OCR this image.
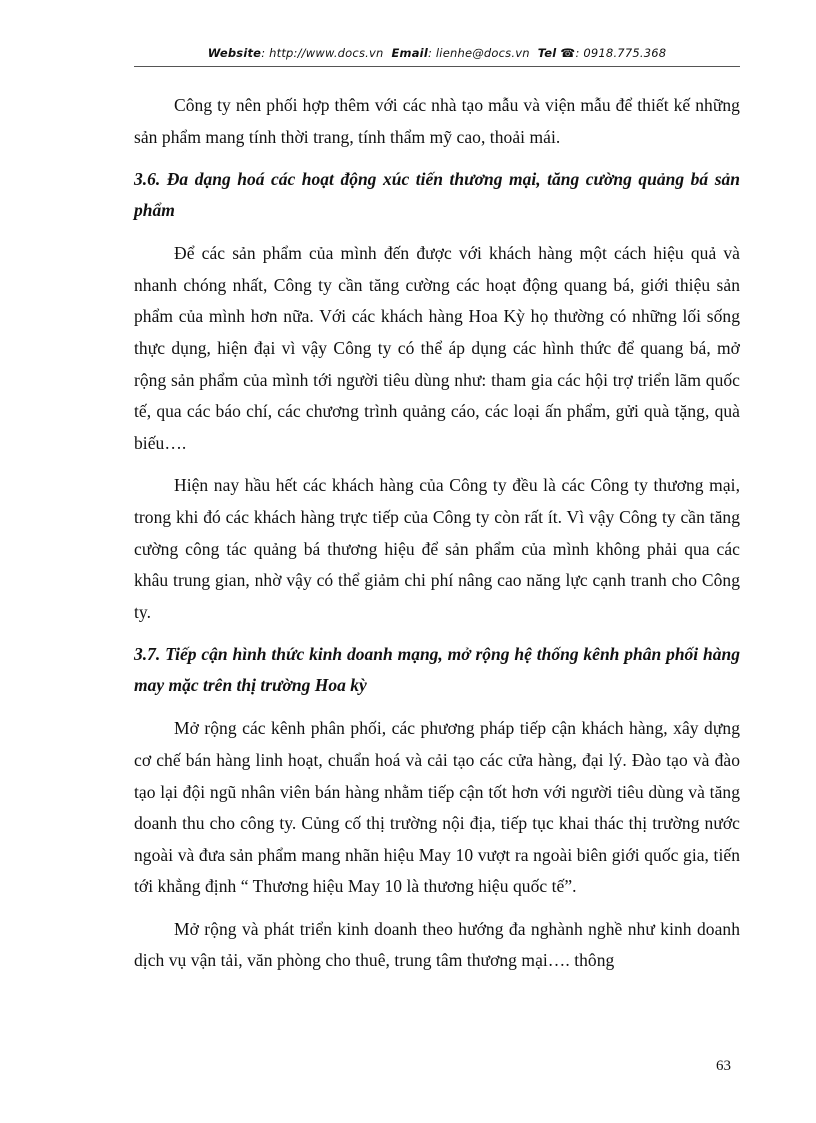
Website: http://www.docs.vn Email: lienhe@docs.vn Tel ☎: 0918.775.368

Công ty nên phối hợp thêm với các nhà tạo mẫu và viện mẫu để thiết kế những sản phẩm mang tính thời trang, tính thẩm mỹ cao, thoải mái.

3.6. Đa dạng hoá các hoạt động xúc tiến thương mại, tăng cường quảng bá sản phẩm

Để các sản phẩm của mình đến được với khách hàng một cách hiệu quả và nhanh chóng nhất, Công ty cần tăng cường các hoạt động quang bá, giới thiệu sản phẩm của mình hơn nữa. Với các khách hàng Hoa Kỳ họ thường có những lối sống thực dụng, hiện đại vì vậy Công ty có thể áp dụng các hình thức để quang bá, mở rộng sản phẩm của mình tới người tiêu dùng như: tham gia các hội trợ triển lãm quốc tế, qua các báo chí, các chương trình quảng cáo, các loại ấn phẩm, gửi quà tặng, quà biếu….

Hiện nay hầu hết các khách hàng của Công ty đều là các Công ty thương mại, trong khi đó các khách hàng trực tiếp của Công ty còn rất ít. Vì vậy Công ty cần tăng cường công tác quảng bá thương hiệu để sản phẩm của mình không phải qua các khâu trung gian, nhờ vậy có thể giảm chi phí nâng cao năng lực cạnh tranh cho Công ty.

3.7. Tiếp cận hình thức kinh doanh mạng, mở rộng hệ thống kênh phân phối hàng may mặc trên thị trường Hoa kỳ

Mở rộng các kênh phân phối, các phương pháp tiếp cận khách hàng, xây dựng cơ chế bán hàng linh hoạt, chuẩn hoá và cải tạo các cửa hàng, đại lý. Đào tạo và đào tạo lại đội ngũ nhân viên bán hàng nhằm tiếp cận tốt hơn với người tiêu dùng và tăng doanh thu cho công ty. Củng cố thị trường nội địa, tiếp tục khai thác thị trường nước ngoài và đưa sản phẩm mang nhãn hiệu May 10 vượt ra ngoài biên giới quốc gia, tiến tới khẳng định “ Thương hiệu May 10 là thương hiệu quốc tế”.

Mở rộng và phát triển kinh doanh theo hướng đa nghành nghề như kinh doanh dịch vụ vận tải, văn phòng cho thuê, trung tâm thương mại…. thông

63
